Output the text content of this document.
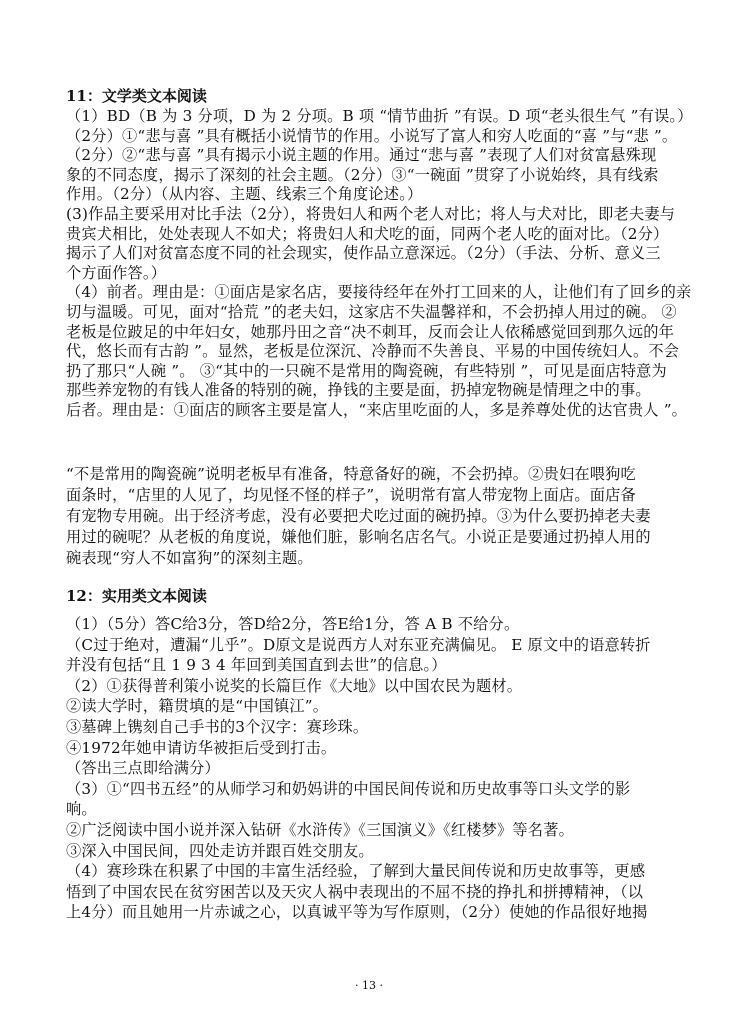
11：文学类文本阅读
（1）BD（B 为 3 分项，D 为 2 分项。B 项 “情节曲折 ”有误。D 项“老头很生气 ”有误。）
（2分）①“悲与喜 ”具有概括小说情节的作用。小说写了富人和穷人吃面的“喜 ”与“悲 ”。
（2分）②“悲与喜 ”具有揭示小说主题的作用。通过“悲与喜 ”表现了人们对贫富悬殊现
象的不同态度，揭示了深刻的社会主题。（2分）③“一碗面 ”贯穿了小说始终，具有线索
作用。（2分）（从内容、主题、线索三个角度论述。）
(3)作品主要采用对比手法（2分），将贵妇人和两个老人对比；将人与犬对比，即老夫妻与
贵宾犬相比，处处表现人不如犬；将贵妇人和犬吃的面，同两个老人吃的面对比。（2分）
揭示了人们对贫富态度不同的社会现实，使作品立意深远。（2分）（手法、分析、意义三
个方面作答。）
（4）前者。理由是：①面店是家名店，要接待经年在外打工回来的人，让他们有了回乡的亲
切与温暖。可见，面对“拾荒 ”的老夫妇，这家店不失温馨祥和，不会扔掉人用过的碗。 ②
老板是位跛足的中年妇女，她那丹田之音“决不刺耳，反而会让人依稀感觉回到那久远的年
代，悠长而有古韵 ”。显然，老板是位深沉、冷静而不失善良、平易的中国传统妇人。不会
扔了那只“人碗 ”。 ③“其中的一只碗不是常用的陶瓷碗，有些特别 ”，可见是面店特意为
那些养宠物的有钱人准备的特别的碗，挣钱的主要是面，扔掉宠物碗是情理之中的事。
后者。理由是：①面店的顾客主要是富人，“来店里吃面的人，多是养尊处优的达官贵人 ”。
“不是常用的陶瓷碗”说明老板早有准备，特意备好的碗，不会扔掉。②贵妇在喂狗吃
面条时，“店里的人见了，均见怪不怪的样子”，说明常有富人带宠物上面店。面店备
有宠物专用碗。出于经济考虑，没有必要把犬吃过面的碗扔掉。③为什么要扔掉老夫妻
用过的碗呢？从老板的角度说，嫌他们脏，影响名店名气。小说正是要通过扔掉人用的
碗表现“穷人不如富狗”的深刻主题。
12：实用类文本阅读
（1）（5分）答C给3分，答D给2分，答E给1分，答 A B 不给分。
（C过于绝对，遭漏“儿乎”。D原文是说西方人对东亚充满偏见。 E 原文中的语意转折
并没有包括“且 1 9 3 4 年回到美国直到去世”的信息。）
（2）①获得普利策小说奖的长篇巨作《大地》以中国农民为题材。
②读大学时，籍贯填的是“中国镇江”。
③墓碑上镌刻自己手书的3个汉字：赛珍珠。
④1972年她申请访华被拒后受到打击。
（答出三点即给满分）
（3）①“四书五经”的从师学习和奶妈讲的中国民间传说和历史故事等口头文学的影
响。
②广泛阅读中国小说并深入钻研《水浒传》《三国演义》《红楼梦》等名著。
③深入中国民间，四处走访并跟百姓交朋友。
（4）赛珍珠在积累了中国的丰富生活经验，了解到大量民间传说和历史故事等，更感
悟到了中国农民在贫穷困苦以及天灾人祸中表现出的不屈不挠的挣扎和拼搏精神，（以
上4分）而且她用一片赤诚之心，以真诚平等为写作原则，（2分）使她的作品很好地揭
· 13 ·
